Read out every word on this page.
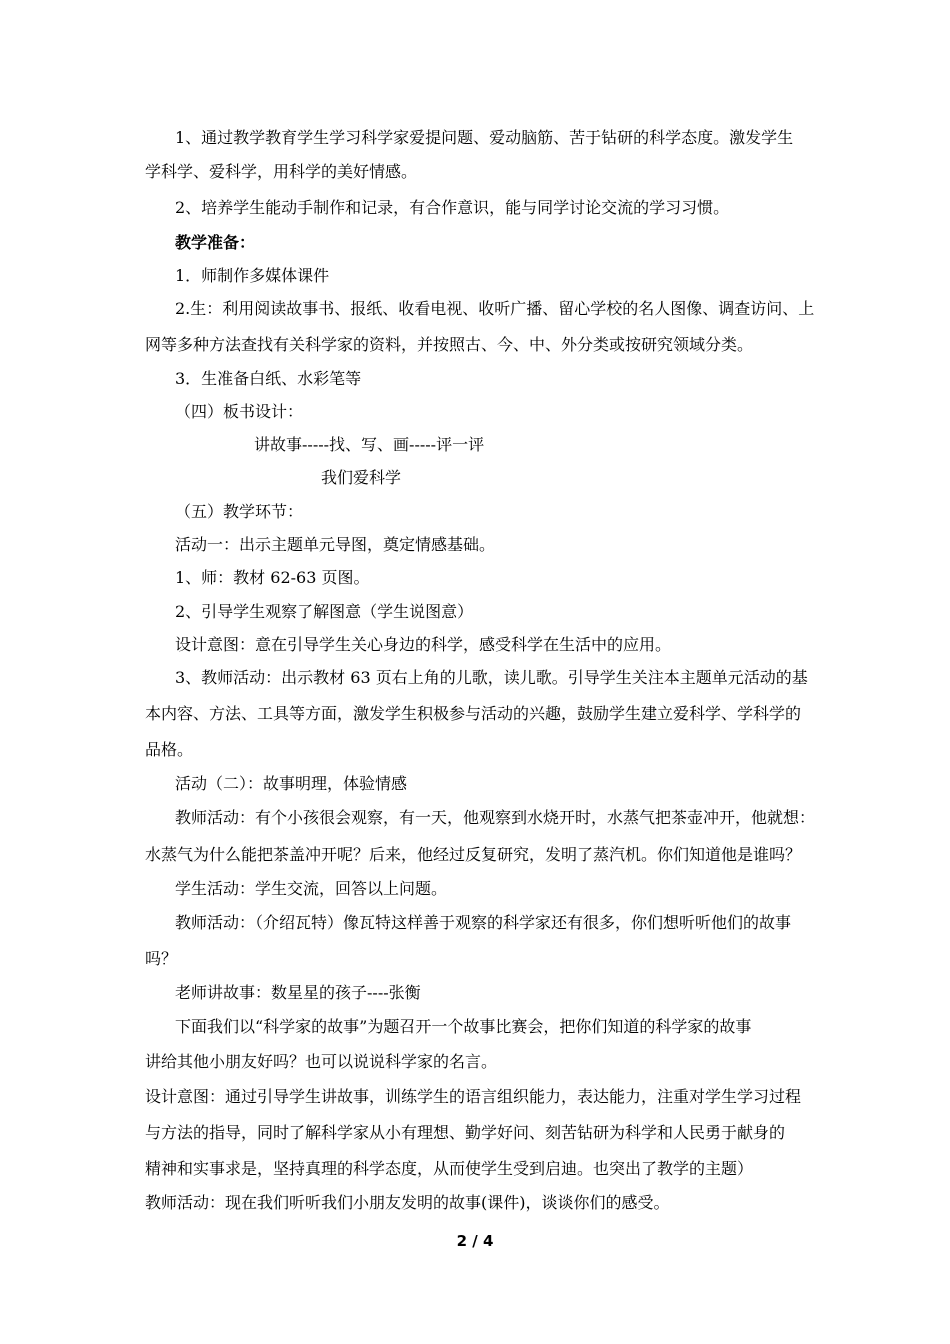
1、通过教学教育学生学习科学家爱提问题、爱动脑筋、苦于钻研的科学态度。激发学生
学科学、爱科学，用科学的美好情感。
2、培养学生能动手制作和记录，有合作意识，能与同学讨论交流的学习习惯。
教学准备：
1．师制作多媒体课件
2.生：利用阅读故事书、报纸、收看电视、收听广播、留心学校的名人图像、调查访问、上
网等多种方法查找有关科学家的资料，并按照古、今、中、外分类或按研究领域分类。
3．生准备白纸、水彩笔等
（四）板书设计：
讲故事-----找、写、画-----评一评
我们爱科学
（五）教学环节：
活动一：出示主题单元导图，奠定情感基础。
1、师：教材 62-63 页图。
2、引导学生观察了解图意（学生说图意）
设计意图：意在引导学生关心身边的科学，感受科学在生活中的应用。
3、教师活动：出示教材 63 页右上角的儿歌，读儿歌。引导学生关注本主题单元活动的基
本内容、方法、工具等方面，激发学生积极参与活动的兴趣，鼓励学生建立爱科学、学科学的
品格。
活动（二）：故事明理，体验情感
教师活动：有个小孩很会观察，有一天，他观察到水烧开时，水蒸气把茶壶冲开，他就想：
水蒸气为什么能把茶盖冲开呢？后来，他经过反复研究，发明了蒸汽机。你们知道他是谁吗？
学生活动：学生交流，回答以上问题。
教师活动：（介绍瓦特）像瓦特这样善于观察的科学家还有很多，你们想听听他们的故事
吗？
老师讲故事：数星星的孩子----张衡
下面我们以“科学家的故事”为题召开一个故事比赛会，把你们知道的科学家的故事
讲给其他小朋友好吗？也可以说说科学家的名言。
设计意图：通过引导学生讲故事，训练学生的语言组织能力，表达能力，注重对学生学习过程
与方法的指导，同时了解科学家从小有理想、勤学好问、刻苦钻研为科学和人民勇于献身的
精神和实事求是，坚持真理的科学态度，从而使学生受到启迪。也突出了教学的主题）
教师活动：现在我们听听我们小朋友发明的故事(课件)，谈谈你们的感受。
2 / 4
